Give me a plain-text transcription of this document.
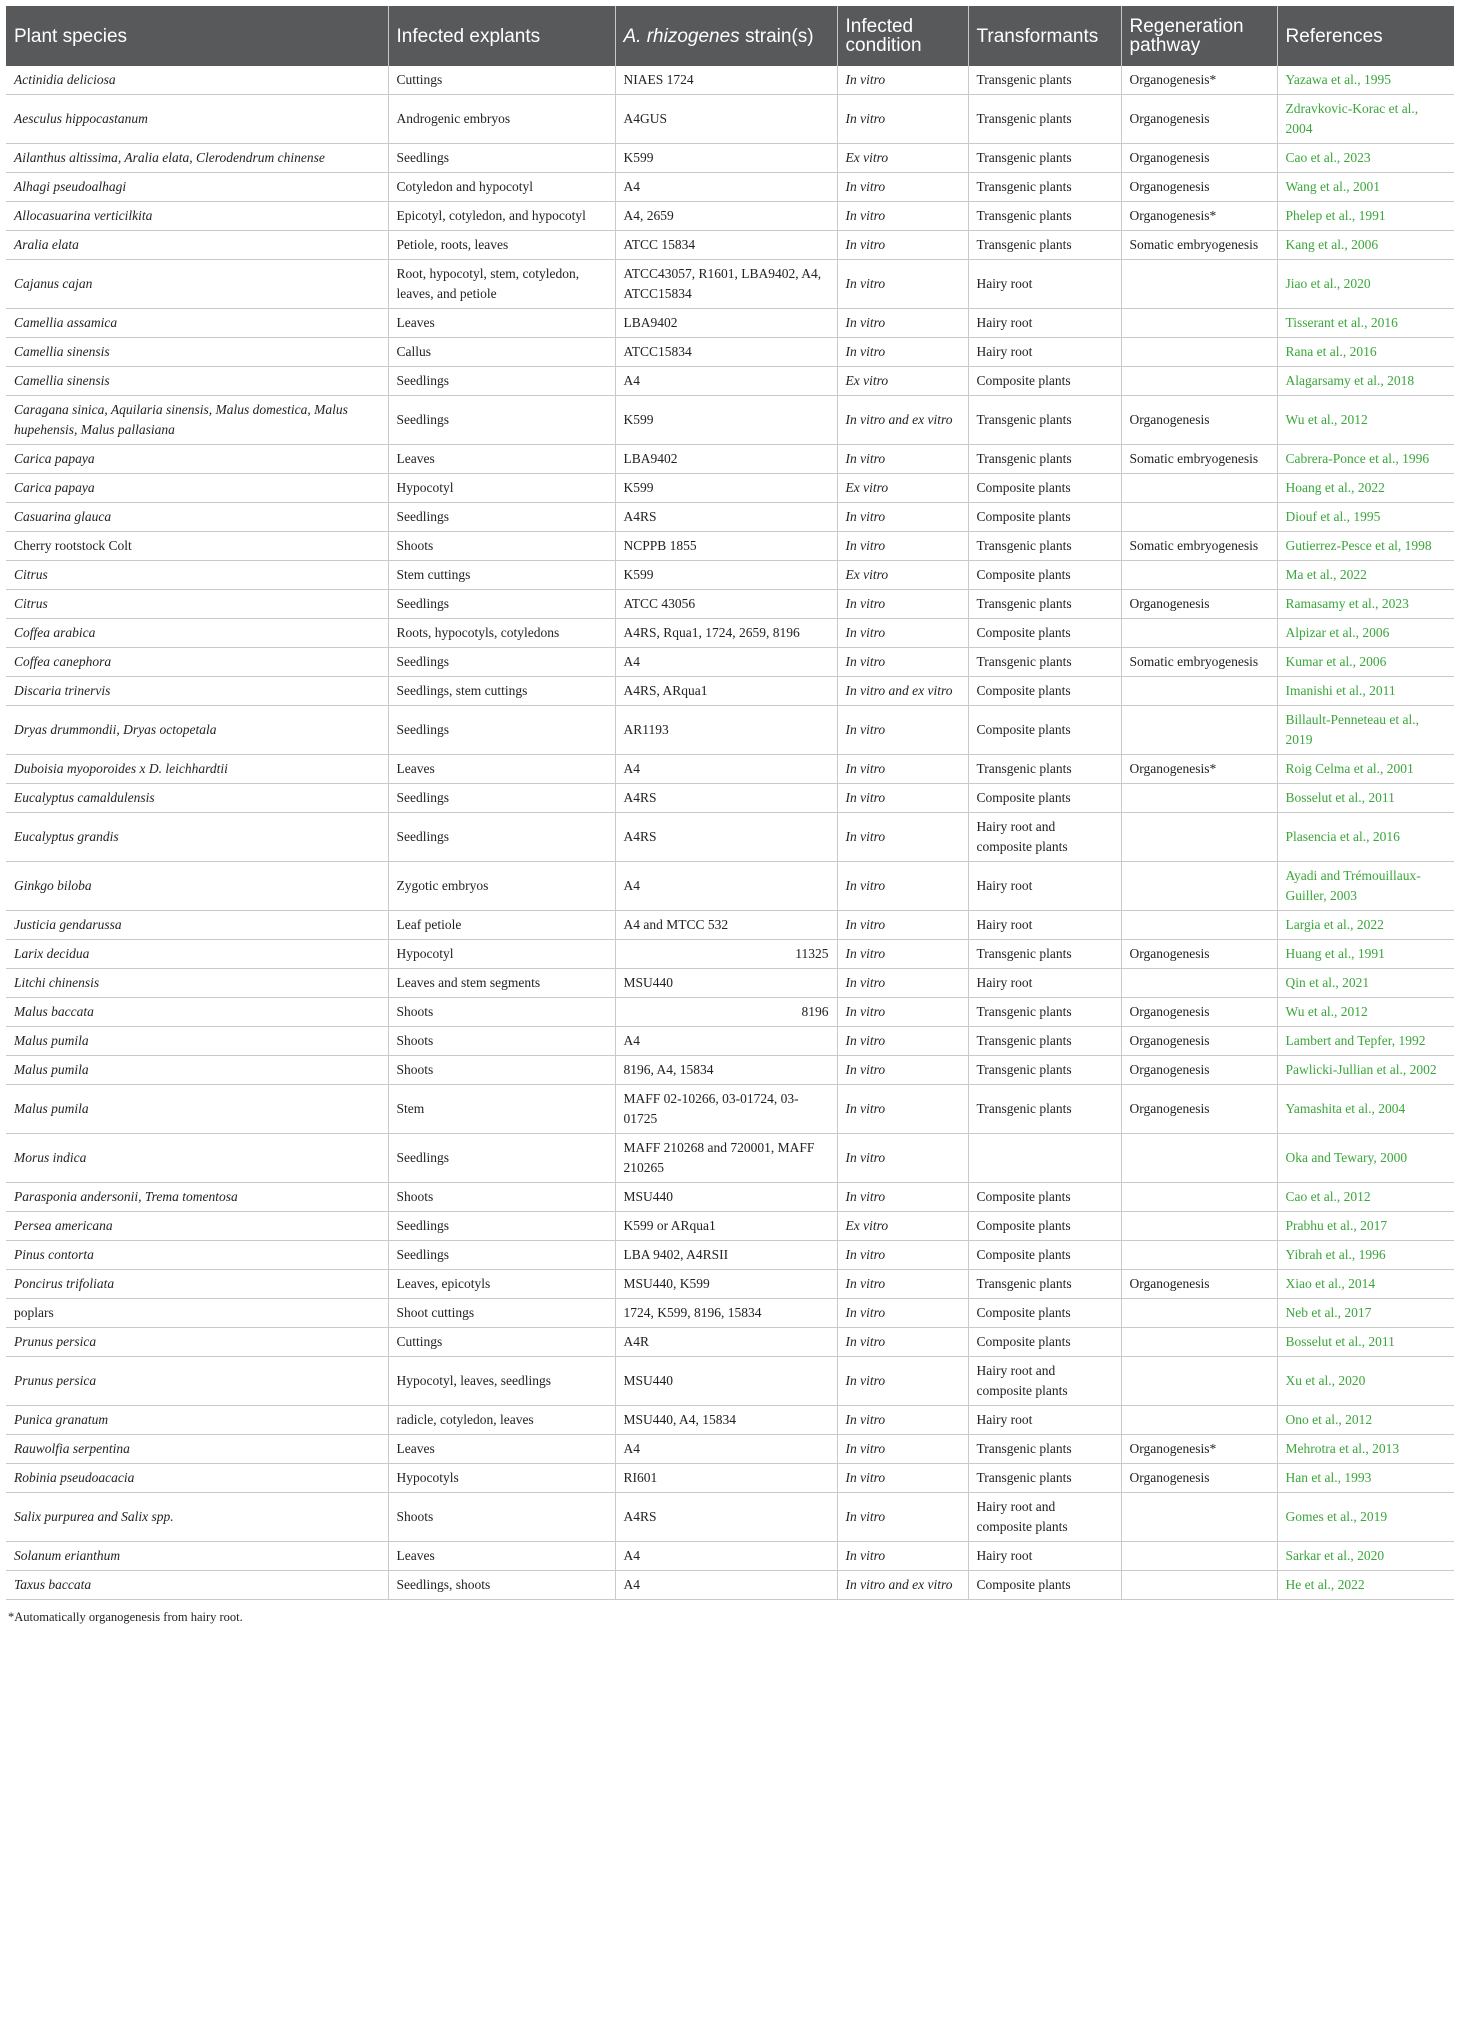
Plant species	Infected explants	A. rhizogenes strain(s)	Infected condition	Transformants	Regeneration pathway	References
Actinidia deliciosa	Cuttings	NIAES 1724	In vitro	Transgenic plants	Organogenesis*	Yazawa et al., 1995
Aesculus hippocastanum	Androgenic embryos	A4GUS	In vitro	Transgenic plants	Organogenesis	Zdravkovic-Korac et al., 2004
Ailanthus altissima, Aralia elata, Clerodendrum chinense	Seedlings	K599	Ex vitro	Transgenic plants	Organogenesis	Cao et al., 2023
Alhagi pseudoalhagi	Cotyledon and hypocotyl	A4	In vitro	Transgenic plants	Organogenesis	Wang et al., 2001
Allocasuarina verticilkita	Epicotyl, cotyledon, and hypocotyl	A4, 2659	In vitro	Transgenic plants	Organogenesis*	Phelep et al., 1991
Aralia elata	Petiole, roots, leaves	ATCC 15834	In vitro	Transgenic plants	Somatic embryogenesis	Kang et al., 2006
Cajanus cajan	Root, hypocotyl, stem, cotyledon, leaves, and petiole	ATCC43057, R1601, LBA9402, A4, ATCC15834	In vitro	Hairy root		Jiao et al., 2020
Camellia assamica	Leaves	LBA9402	In vitro	Hairy root		Tisserant et al., 2016
Camellia sinensis	Callus	ATCC15834	In vitro	Hairy root		Rana et al., 2016
Camellia sinensis	Seedlings	A4	Ex vitro	Composite plants		Alagarsamy et al., 2018
Caragana sinica, Aquilaria sinensis, Malus domestica, Malus hupehensis, Malus pallasiana	Seedlings	K599	In vitro and ex vitro	Transgenic plants	Organogenesis	Wu et al., 2012
Carica papaya	Leaves	LBA9402	In vitro	Transgenic plants	Somatic embryogenesis	Cabrera-Ponce et al., 1996
Carica papaya	Hypocotyl	K599	Ex vitro	Composite plants		Hoang et al., 2022
Casuarina glauca	Seedlings	A4RS	In vitro	Composite plants		Diouf et al., 1995
Cherry rootstock Colt	Shoots	NCPPB 1855	In vitro	Transgenic plants	Somatic embryogenesis	Gutierrez-Pesce et al, 1998
Citrus	Stem cuttings	K599	Ex vitro	Composite plants		Ma et al., 2022
Citrus	Seedlings	ATCC 43056	In vitro	Transgenic plants	Organogenesis	Ramasamy et al., 2023
Coffea arabica	Roots, hypocotyls, cotyledons	A4RS, Rqua1, 1724, 2659, 8196	In vitro	Composite plants		Alpizar et al., 2006
Coffea canephora	Seedlings	A4	In vitro	Transgenic plants	Somatic embryogenesis	Kumar et al., 2006
Discaria trinervis	Seedlings, stem cuttings	A4RS, ARqua1	In vitro and ex vitro	Composite plants		Imanishi et al., 2011
Dryas drummondii, Dryas octopetala	Seedlings	AR1193	In vitro	Composite plants		Billault-Penneteau et al., 2019
Duboisia myoporoides x D. leichhardtii	Leaves	A4	In vitro	Transgenic plants	Organogenesis*	Roig Celma et al., 2001
Eucalyptus camaldulensis	Seedlings	A4RS	In vitro	Composite plants		Bosselut et al., 2011
Eucalyptus grandis	Seedlings	A4RS	In vitro	Hairy root and composite plants		Plasencia et al., 2016
Ginkgo biloba	Zygotic embryos	A4	In vitro	Hairy root		Ayadi and Trémouillaux-Guiller, 2003
Justicia gendarussa	Leaf petiole	A4 and MTCC 532	In vitro	Hairy root		Largia et al., 2022
Larix decidua	Hypocotyl	11325	In vitro	Transgenic plants	Organogenesis	Huang et al., 1991
Litchi chinensis	Leaves and stem segments	MSU440	In vitro	Hairy root		Qin et al., 2021
Malus baccata	Shoots	8196	In vitro	Transgenic plants	Organogenesis	Wu et al., 2012
Malus pumila	Shoots	A4	In vitro	Transgenic plants	Organogenesis	Lambert and Tepfer, 1992
Malus pumila	Shoots	8196, A4, 15834	In vitro	Transgenic plants	Organogenesis	Pawlicki-Jullian et al., 2002
Malus pumila	Stem	MAFF 02-10266, 03-01724, 03-01725	In vitro	Transgenic plants	Organogenesis	Yamashita et al., 2004
Morus indica	Seedlings	MAFF 210268 and 720001, MAFF 210265	In vitro			Oka and Tewary, 2000
Parasponia andersonii, Trema tomentosa	Shoots	MSU440	In vitro	Composite plants		Cao et al., 2012
Persea americana	Seedlings	K599 or ARqua1	Ex vitro	Composite plants		Prabhu et al., 2017
Pinus contorta	Seedlings	LBA 9402, A4RSII	In vitro	Composite plants		Yibrah et al., 1996
Poncirus trifoliata	Leaves, epicotyls	MSU440, K599	In vitro	Transgenic plants	Organogenesis	Xiao et al., 2014
poplars	Shoot cuttings	1724, K599, 8196, 15834	In vitro	Composite plants		Neb et al., 2017
Prunus persica	Cuttings	A4R	In vitro	Composite plants		Bosselut et al., 2011
Prunus persica	Hypocotyl, leaves, seedlings	MSU440	In vitro	Hairy root and composite plants		Xu et al., 2020
Punica granatum	radicle, cotyledon, leaves	MSU440, A4, 15834	In vitro	Hairy root		Ono et al., 2012
Rauwolfia serpentina	Leaves	A4	In vitro	Transgenic plants	Organogenesis*	Mehrotra et al., 2013
Robinia pseudoacacia	Hypocotyls	RI601	In vitro	Transgenic plants	Organogenesis	Han et al., 1993
Salix purpurea and Salix spp.	Shoots	A4RS	In vitro	Hairy root and composite plants		Gomes et al., 2019
Solanum erianthum	Leaves	A4	In vitro	Hairy root		Sarkar et al., 2020
Taxus baccata	Seedlings, shoots	A4	In vitro and ex vitro	Composite plants		He et al., 2022
*Automatically organogenesis from hairy root.
